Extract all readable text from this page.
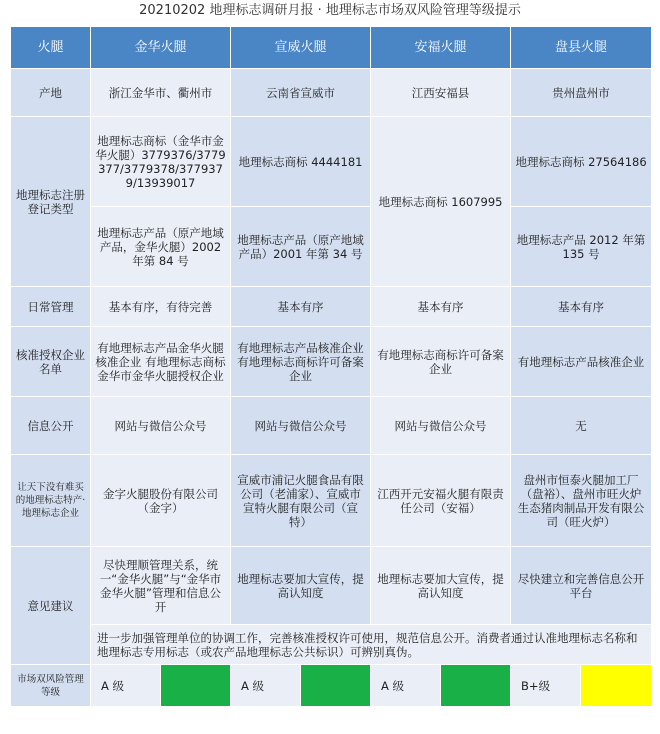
20210202 地理标志调研月报 · 地理标志市场双风险管理等级提示
火腿	金华火腿		宣威火腿		安福火腿		盘县火腿	
产地	浙江金华市、衢州市		云南省宣威市		江西安福县		贵州盘州市	
地理标志注册登记类型	地理标志商标（金华市金华火腿）3779376/3779377/3779378/3779379/13939017		地理标志商标 4444181		地理标志商标 1607995		地理标志商标 27564186	
	地理标志产品（原产地域产品，金华火腿）2002 年第 84 号		地理标志产品（原产地域产品）2001 年第 34 号				地理标志产品 2012 年第 135 号	
日常管理	基本有序，有待完善		基本有序		基本有序		基本有序	
核准授权企业名单	有地理标志产品金华火腿核准企业 有地理标志商标金华市金华火腿授权企业		有地理标志产品核准企业 有地理标志商标许可备案企业		有地理标志商标许可备案企业		有地理标志产品核准企业	
信息公开	网站与微信公众号		网站与微信公众号		网站与微信公众号		无	
让天下没有难买的地理标志特产·地理标志企业	金字火腿股份有限公司（金字）		宣威市浦记火腿食品有限公司（老浦家）、宣威市宣特火腿有限公司（宣特）		江西开元安福火腿有限责任公司（安福）		盘州市恒泰火腿加工厂（盘裕）、盘州市旺火炉生态猪肉制品开发有限公司（旺火炉）	
意见建议	尽快理顺管理关系，统一“金华火腿”与“金华市金华火腿”管理和信息公开		地理标志要加大宣传，提高认知度		地理标志要加大宣传，提高认知度		尽快建立和完善信息公开平台	
	进一步加强管理单位的协调工作，完善核准授权许可使用，规范信息公开。消费者通过认准地理标志名称和地理标志专用标志（或农产品地理标志公共标识）可辨别真伪。							
市场双风险管理等级	A 级		A 级		A 级		B+级	
